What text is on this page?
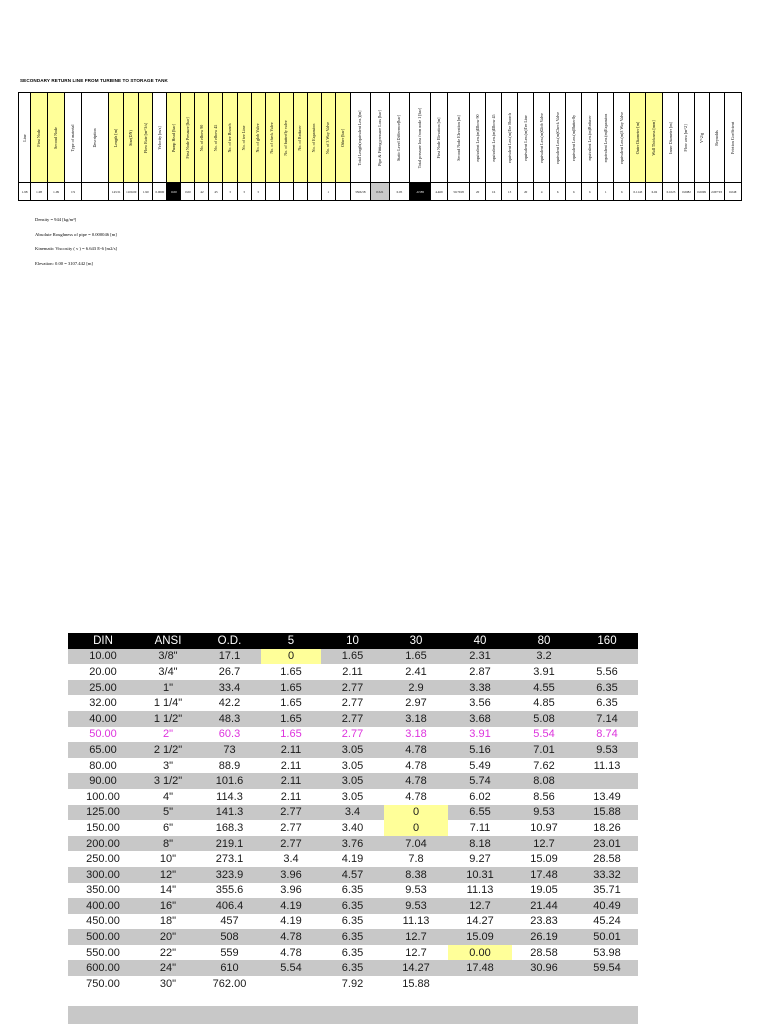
SECONDARY RETURN LINE FROM TURBINE TO STORAGE TANK
Line	First Node	Second Node	Type of material	Description	Length [m]	Size(DN)	Flow Rate [m^3/s]	Velocity [m/s]	Pump Head [bar]	First Node Pressure [bar]	No. of elbow 90	No. of elbow 45	No. of tee Branch	No. of tee Line	No. of glob Valve	No. of check Valve	No. of butterfly valve	No. of Reducer	No. of Expansion	No. of 3 Way Valve	Other [bar]	Total Length(equivalent Len.)[m]	Pipe & Fitting pressure Loss [bar]	Static Level Difference[bar]	Total pressure loss from node 1 [bar]	First Node Elevation [m]	Second Node Elevation [m]	equivalent Len.(m)Elbow 90	equivalent Len.(m)Elbow 45	equivalent Len.(m)Tee Branch	equivalent Len.(m)Tee Line	equivalent Len.(m)Glob Valve	equivalent Len.(m)Check Valve	equivalent Len.(m)Butterfly	equivalent Len.(m)Reducer	equivalent Len.(m)Expansion	equivalent Len.(m)3 Way Valve	Outer Diameter [m]	Wall Thickness [mm]	Inner Diameter [m]	Flow area [m^2]	V^2/g	Reynolds	Friction Coefficient

1-98	1-98	1-99	CS		143.51	1100.00	1.90	0.0000	0.00	0.00	42	45	3	3	3					1		3566.58	0.521	0.05	-0.585	4.469	50.7918	20	16	13	20	4	6	6	6	1	6	0.1143	6.02	0.1023	0.0082	0.0009	2.0E+03	0.04E
Density = 944 [kg/m³]
Absolute Roughness of pipe = 0.000046 [m]
Kinematic Viscosity ( ν ) = 6.643 E-6 [m2/s]
Elevation: 0.00 = 3107.442 [m]
DIN	ANSI	O.D.	5	10	30	40	80	160
10.00	3/8"	17.1	0	1.65	1.65	2.31	3.2	
20.00	3/4"	26.7	1.65	2.11	2.41	2.87	3.91	5.56
25.00	1"	33.4	1.65	2.77	2.9	3.38	4.55	6.35
32.00	1 1/4"	42.2	1.65	2.77	2.97	3.56	4.85	6.35
40.00	1 1/2"	48.3	1.65	2.77	3.18	3.68	5.08	7.14
50.00	2"	60.3	1.65	2.77	3.18	3.91	5.54	8.74
65.00	2 1/2"	73	2.11	3.05	4.78	5.16	7.01	9.53
80.00	3"	88.9	2.11	3.05	4.78	5.49	7.62	11.13
90.00	3 1/2"	101.6	2.11	3.05	4.78	5.74	8.08	
100.00	4"	114.3	2.11	3.05	4.78	6.02	8.56	13.49
125.00	5"	141.3	2.77	3.4	0	6.55	9.53	15.88
150.00	6"	168.3	2.77	3.40	0	7.11	10.97	18.26
200.00	8"	219.1	2.77	3.76	7.04	8.18	12.7	23.01
250.00	10"	273.1	3.4	4.19	7.8	9.27	15.09	28.58
300.00	12"	323.9	3.96	4.57	8.38	10.31	17.48	33.32
350.00	14"	355.6	3.96	6.35	9.53	11.13	19.05	35.71
400.00	16"	406.4	4.19	6.35	9.53	12.7	21.44	40.49
450.00	18"	457	4.19	6.35	11.13	14.27	23.83	45.24
500.00	20"	508	4.78	6.35	12.7	15.09	26.19	50.01
550.00	22"	559	4.78	6.35	12.7	0.00	28.58	53.98
600.00	24"	610	5.54	6.35	14.27	17.48	30.96	59.54
750.00	30"	762.00		7.92	15.88			
